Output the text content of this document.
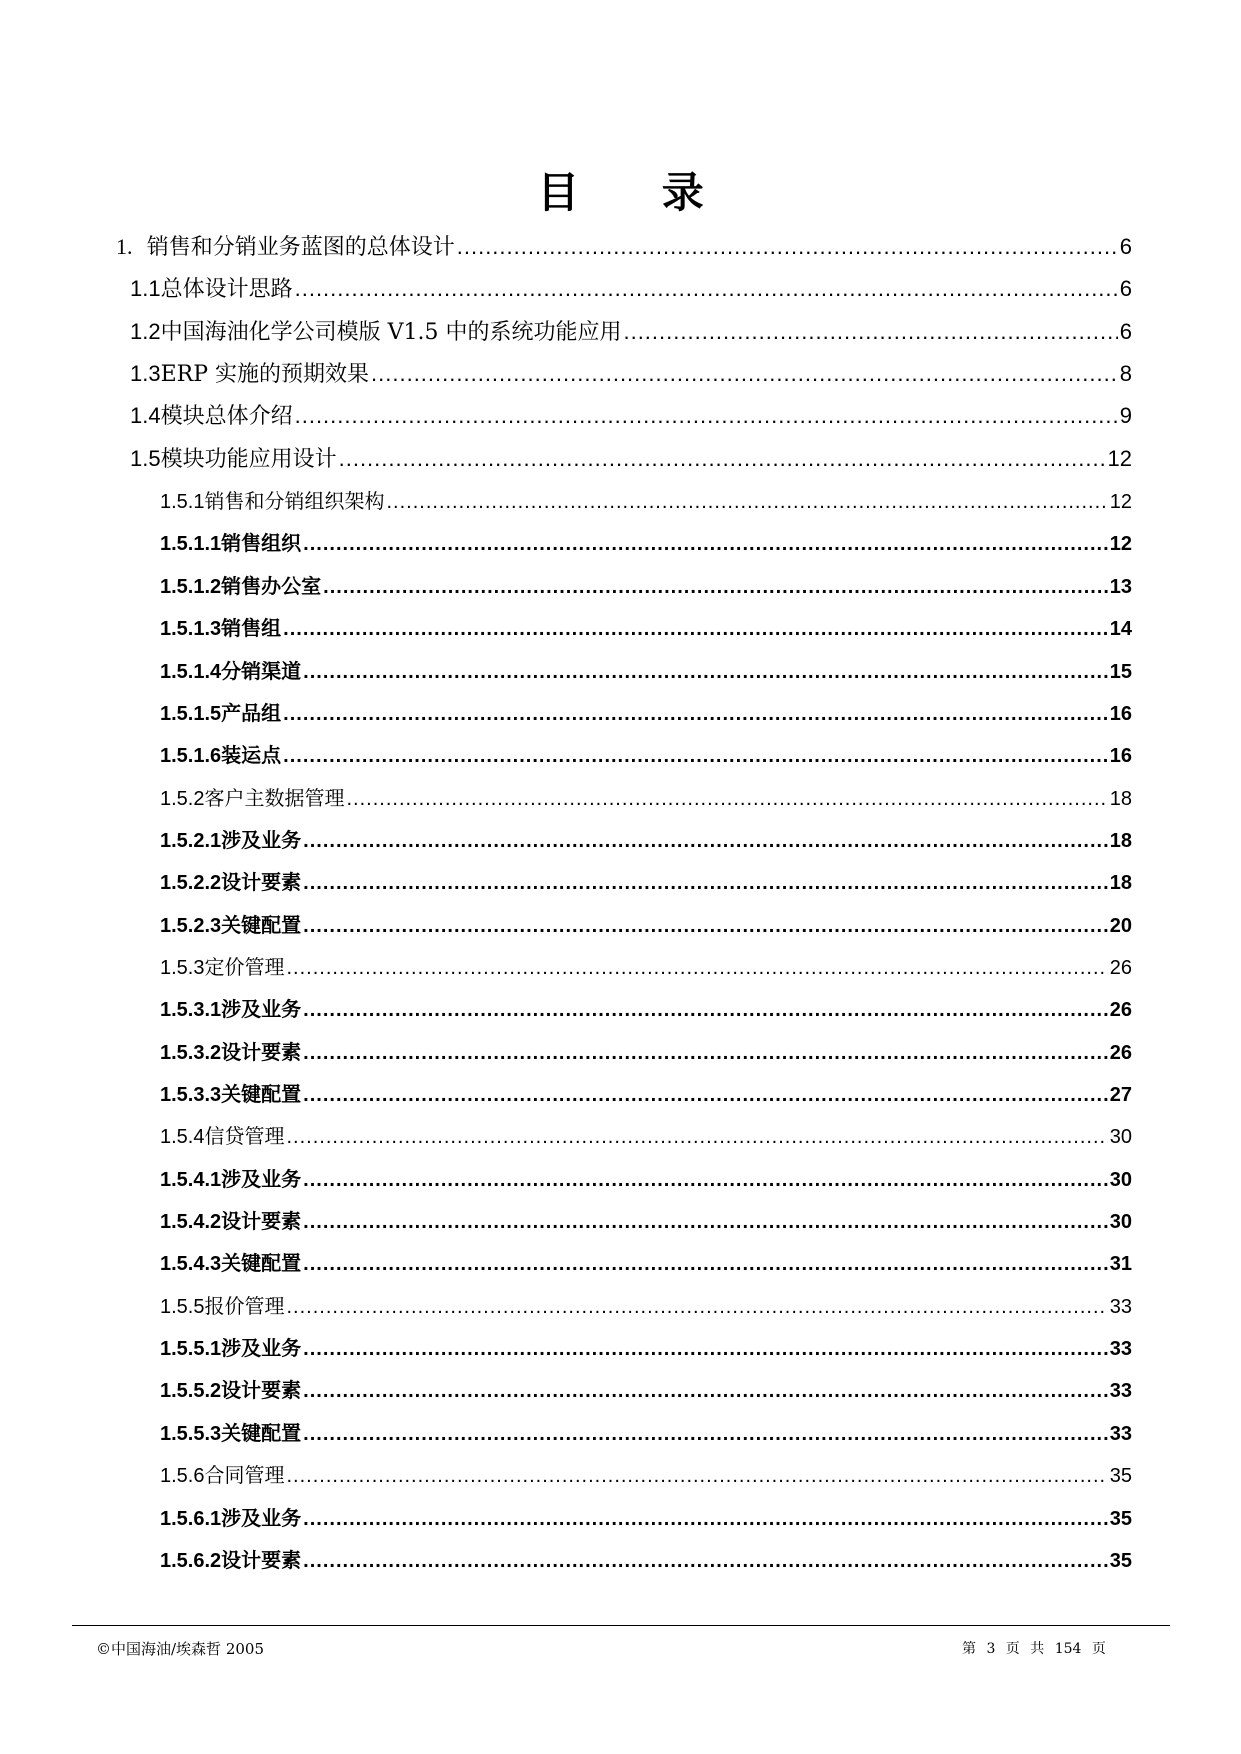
目 录
1. 销售和分销业务蓝图的总体设计 .....	6
1.1 总体设计思路 .....	6
1.2 中国海油化学公司模版 V1.5 中的系统功能应用 .....	6
1.3 ERP 实施的预期效果 .....	8
1.4 模块总体介绍 .....	9
1.5 模块功能应用设计 .....	12
1.5.1 销售和分销组织架构 .....	12
1.5.1.1 销售组织 .....	12
1.5.1.2 销售办公室 .....	13
1.5.1.3 销售组 .....	14
1.5.1.4 分销渠道 .....	15
1.5.1.5 产品组 .....	16
1.5.1.6 装运点 .....	16
1.5.2 客户主数据管理 .....	18
1.5.2.1 涉及业务 .....	18
1.5.2.2 设计要素 .....	18
1.5.2.3 关键配置 .....	20
1.5.3 定价管理 .....	26
1.5.3.1 涉及业务 .....	26
1.5.3.2 设计要素 .....	26
1.5.3.3 关键配置 .....	27
1.5.4 信贷管理 .....	30
1.5.4.1 涉及业务 .....	30
1.5.4.2 设计要素 .....	30
1.5.4.3 关键配置 .....	31
1.5.5 报价管理 .....	33
1.5.5.1 涉及业务 .....	33
1.5.5.2 设计要素 .....	33
1.5.5.3 关键配置 .....	33
1.5.6 合同管理 .....	35
1.5.6.1 涉及业务 .....	35
1.5.6.2 设计要素 .....	35
©中国海油/埃森哲 2005	第 3 页 共 154 页
